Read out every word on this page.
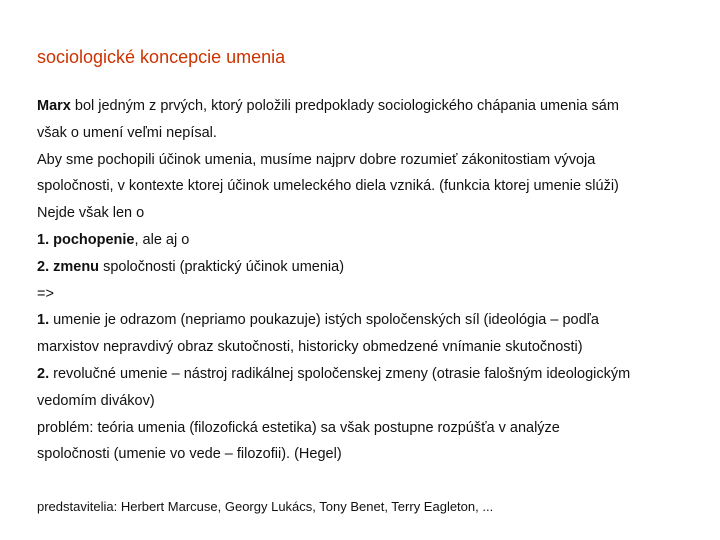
sociologické koncepcie umenia
Marx bol jedným z prvých, ktorý položili predpoklady sociologického chápania umenia sám
však o umení veľmi nepísal.
Aby sme pochopili účinok umenia, musíme najprv dobre rozumieť zákonitostiam vývoja
spoločnosti, v kontexte ktorej účinok umeleckého diela vzniká. (funkcia ktorej umenie slúži)
Nejde však len o
1. pochopenie, ale aj o
2. zmenu spoločnosti (praktický účinok umenia)
=>
1. umenie je odrazom (nepriamo poukazuje) istých spoločenských síl (ideológia – podľa
marxistov nepravdivý obraz skutočnosti, historicky obmedzené vnímanie skutočnosti)
2. revolučné umenie – nástroj radikálnej spoločenskej zmeny (otrasie falošným ideologickým
vedomím divákov)
problém: teória umenia (filozofická estetika) sa však postupne rozpúšťa v analýze
spoločnosti (umenie vo vede – filozofii). (Hegel)
predstavitelia: Herbert Marcuse, Georgy Lukács, Tony Benet, Terry Eagleton, ...
